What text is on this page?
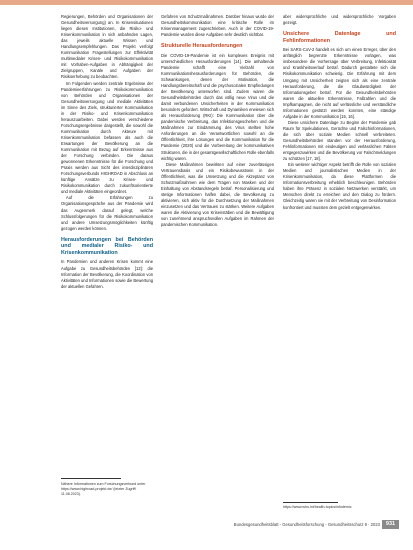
Regierungen, Behörden und Organisationen der Gesundheitsversorgung) an. In Krisensituationen liegen diesen Institutionen, die Risiko- und Krisenkommunikation in sich anbahnden Lagen, das jeweils aktuelle Wissen und Handlungsempfehlungen. Das Projekt verfolgt Kommunikation Fragestellungen zur Effektivität multimedialer Krisen- und Risikokommunikation mit Vorhaben-Aufgaben in Abhängigkeit der Zielgruppen, Kanäle und Aufgaben der Risikoerhebung zu beobachten.

Im Folgenden werden zentrale Ergebnisse der Pandemieerfahrungen zu Risikokommunikation von Behörden und Organisationen der Gesundheitsversorgung und mediale Aktivitäten im Sinne des Ziels, strukturierter Kommunikation in der Risiko- und Krisenkommunikation herauszuarbeiten. Dabei werden verschiedene Forschungsergebnisse dargestellt, die sowohl die Kommunikation durch Akteure mit Krisenkommunikation befassen als auch die Erwartungen der Bevölkerung an die Kommunikation mit Bezug auf Erkenntnisse aus der Forschung verbinden. Die daraus gewonnenen Erkenntnisse für die Forschung und Praxis werden aus Sicht des interdisziplinären Forschungsverbunds HIGHROAD in Abschluss an künftige Ansätze zu Krisen- und Risikokommunikation durch zukunftsorientierte und mediale Aktivitäten eingeordnet.

Auf die Erfahrungen zu Organisationsgespräche aus der Pandemie wird das Augenmerk darauf gelegt, welche Schlussfolgerungen für die Risikokommunikation und andere Umsetzungsmöglichkeiten künftig gezogen werden können.

Herausforderungen bei Behörden und medialer Risiko- und Krisenkommunikation

In Pandemien und anderen Krisen kommt eine Aufgabe zu Gesundheitsbehörden [13]: die Information der Bevölkerung, die Koordination von Aktivitäten und Informationen sowie die Bewertung der aktuellen Gefahren.

Gefahren von Schutzmaßnahmen. Darüber hinaus wurde der Gesundheitskommunikation eine kritische Rolle im Krisenmanagement zugeschrieben. Auch in der COVID-19-Pandemie wurden diese Aufgaben sehr deutlich sichtbar.

Strukturelle Herausforderungen

Die COVID-19-Pandemie ist ein komplexes Ereignis mit unterschiedlichen Herausforderungen [14]. Die anhaltende Pandemie schafft eine Vielzahl von Kommunikationsherausforderungen für Behörden, die Schwankungen, denen der Motivation, die Handlungsbereitschaft und die psychosozialen Empfindungen der Bevölkerung unterworfen sind. Zudem waren die Gesundheitsbehörden durch das völlig neue Virus und die damit verbundenen Unsicherheiten in der Kommunikation besonders gefordert. Wirtschaft und Dynamiken erwiesen sich als Herausforderung (RKI): Die Kommunikation über die pandemische Verbreitung, das Infektionsgeschehen und die Maßnahmen zur Eindämmung des Virus stellten hohe Anforderungen an die Verantwortlichen sowohl an die Öffentlichkeit, ihre Lösungen und die Kommunikation für die Pandemie (2020) und die Vorbereitung der kommunikativen Strukturen, die in der gesamtgesellschaftlichen Rolle ebenfalls wichtig waren.

Diese Maßnahmen bewirkten auf einer zuverlässigen Vertrauensbasis und ein Risikobewusstsein in der Öffentlichkeit, was die Umsetzung und die Akzeptanz von Schutzmaßnahmen wie dem Tragen von Masken und der Einhaltung von Abstandsregeln betraf. Personalisierung und stetige Informationen halfen dabei, die Bevölkerung zu aktivieren, sich aktiv für die Durchsetzung der Maßnahmen einzusetzen und das Vertrauen zu stärken. Weitere Aufgaben waren die Aktivierung von Krisenstäben und die Bewältigung von zunehmend anspruchsvollen Aufgaben im Rahmen der pandemischen Kommunikation.

aber widersprüchliche und widersprüchliche Vorgaben gezeigt.

Unsichere Datenlage und Fehlinformationen

Bei SARS-CoV-2 handelt es sich um einen Erreger, über den anfänglich begrenzte Erkenntnisse vorlagen, was insbesondere die Vorhersage über Verbreitung, Infektiosität und Krankheitsverlauf betraf. Dadurch gestaltete sich die Risikokommunikation schwierig. Die Erfahrung mit dem Umgang mit Unsicherheit zeigten sich als eine zentrale Herausforderung, die die Glaubwürdigkeit der Informationsgeber betraf. Für die Gesundheitsbehörden waren die aktuellen Erkenntnisse, Fallzahlen und die Impfkampagnen, die nicht auf verlässliche und verständliche Informationen gestützt werden konnten, eine ständige Aufgabe in der Kommunikation [15, 16].

Diese unsichere Datenlage zu Beginn der Pandemie gab Raum für Spekulationen, Gerüchte und Falschinformationen, die sich über soziale Medien schnell verbreiteten. Gesundheitsbehörden standen vor der Herausforderung, Fehlinformationen mit eindeutigen und verlässlichen Fakten entgegenzuwirken und die Bevölkerung vor Falschmeldungen zu schützen [17, 18].

Ein weiterer wichtiger Aspekt betrifft die Rolle von sozialen Medien und journalistischen Medien in der Krisenkommunikation, da diese Plattformen die Informationsverbreitung erheblich beschleunigen. Behörden haben ihre Präsenz in sozialen Netzwerken verstärkt, um Menschen direkt zu erreichen und den Dialog zu fördern. Gleichzeitig waren sie mit der Verbreitung von Desinformation konfrontiert und mussten dem gezielt entgegenwirken.

Nähere Informationen zum Forschungsverbund unter https://www.highroad-projekt.de/ (letzter Zugriff: 11.08.2023).
https://www.who.int/health-topics/infodemic
Bundesgesundheitsblatt - Gesundheitsforschung - Gesundheitsschutz 9 · 2023	931
